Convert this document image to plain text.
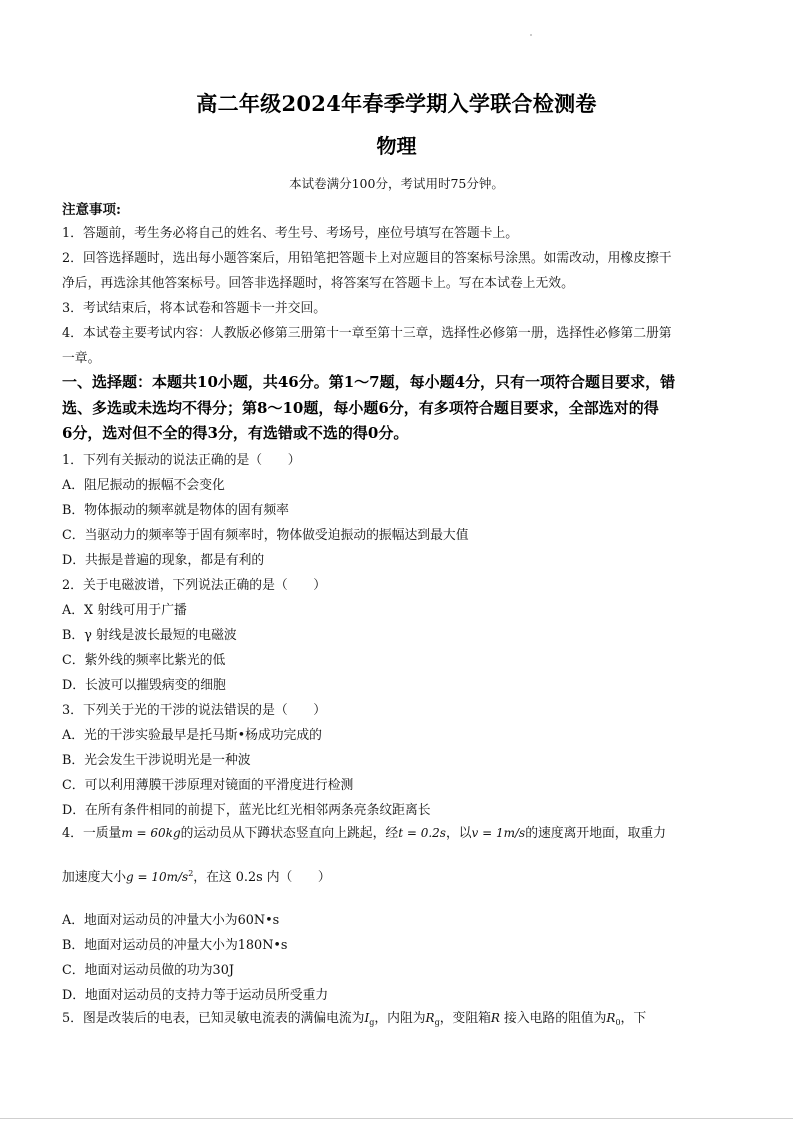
高二年级2024年春季学期入学联合检测卷
物理
本试卷满分100分，考试用时75分钟。
注意事项:
1．答题前，考生务必将自己的姓名、考生号、考场号，座位号填写在答题卡上。
2．回答选择题时，选出每小题答案后，用铅笔把答题卡上对应题目的答案标号涂黑。如需改动，用橡皮擦干
净后，再选涂其他答案标号。回答非选择题时，将答案写在答题卡上。写在本试卷上无效。
3．考试结束后，将本试卷和答题卡一并交回。
4．本试卷主要考试内容：人教版必修第三册第十一章至第十三章，选择性必修第一册，选择性必修第二册第
一章。
一、选择题：本题共10小题，共46分。第1～7题，每小题4分，只有一项符合题目要求，错
选、多选或未选均不得分；第8～10题，每小题6分，有多项符合题目要求，全部选对的得
6分，选对但不全的得3分，有选错或不选的得0分。
1．下列有关振动的说法正确的是（　　）
A．阻尼振动的振幅不会变化
B．物体振动的频率就是物体的固有频率
C．当驱动力的频率等于固有频率时，物体做受迫振动的振幅达到最大值
D．共振是普遍的现象，都是有利的
2．关于电磁波谱，下列说法正确的是（　　）
A．X 射线可用于广播
B．γ 射线是波长最短的电磁波
C．紫外线的频率比紫光的低
D．长波可以摧毁病变的细胞
3．下列关于光的干涉的说法错误的是（　　）
A．光的干涉实验最早是托马斯•杨成功完成的
B．光会发生干涉说明光是一种波
C．可以利用薄膜干涉原理对镜面的平滑度进行检测
D．在所有条件相同的前提下，蓝光比红光相邻两条亮条纹距离长
4．一质量m = 60kg的运动员从下蹲状态竖直向上跳起，经t = 0.2s，以v = 1m/s的速度离开地面，取重力
加速度大小$g = 10m/s^2$，在这 0.2s 内（　　）
A．地面对运动员的冲量大小为60N•s
B．地面对运动员的冲量大小为180N•s
C．地面对运动员做的功为30J
D．地面对运动员的支持力等于运动员所受重力
5．图是改装后的电表，已知灵敏电流表的满偏电流为$I_g$，内阻为$R_g$，变阻箱R 接入电路的阻值为$R_0$，下
